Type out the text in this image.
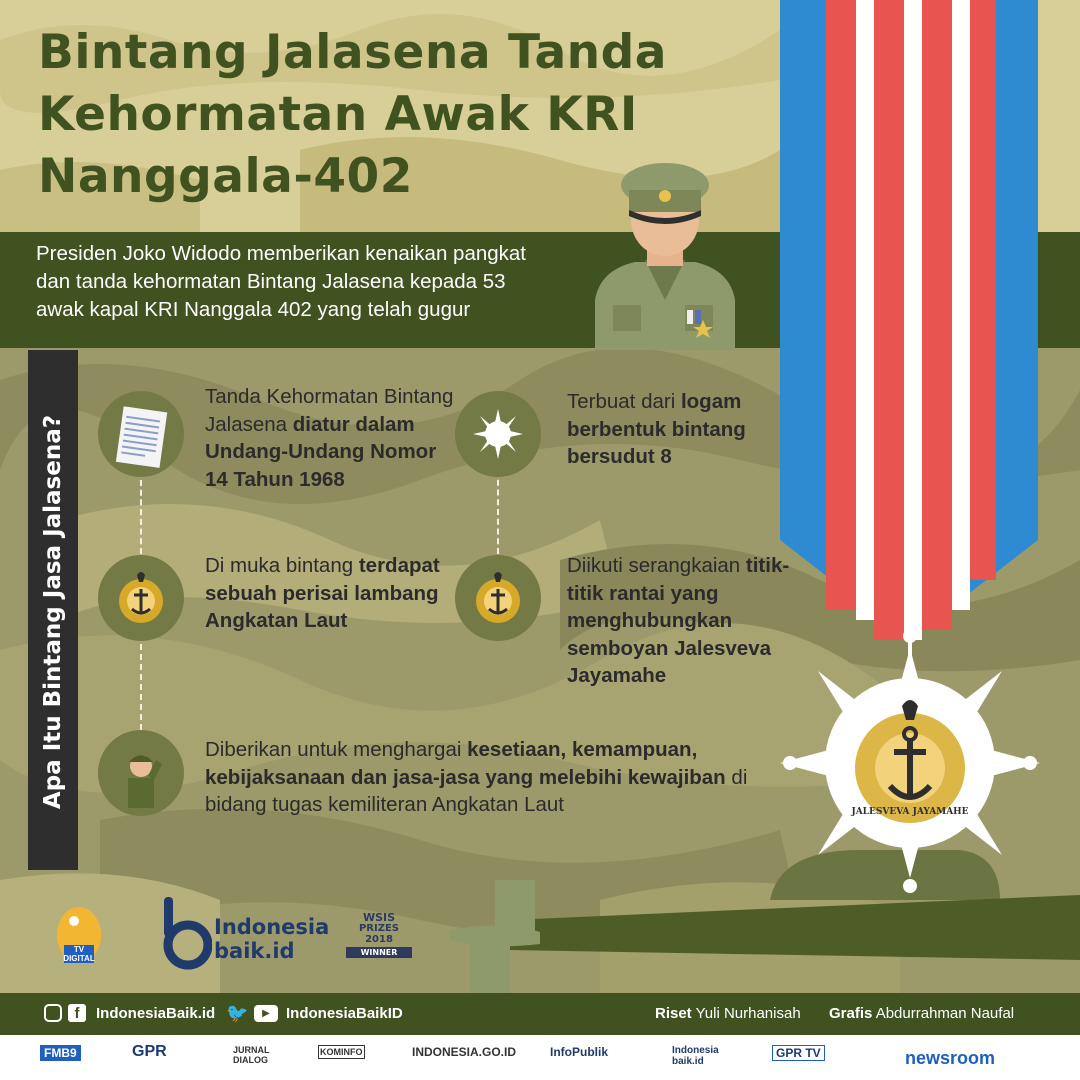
Bintang Jalasena Tanda
Kehormatan Awak KRI
Nanggala-402
Presiden Joko Widodo memberikan kenaikan pangkat
dan tanda kehormatan Bintang Jalasena kepada 53
awak kapal KRI Nanggala 402 yang telah gugur
JALESVEVA JAYAMAHE
Apa Itu Bintang Jasa Jalasena?
Tanda Kehormatan Bintang Jalasena diatur dalam Undang-Undang Nomor 14 Tahun 1968
Terbuat dari logam berbentuk bintang bersudut 8
Di muka bintang terdapat sebuah perisai lambang Angkatan Laut
Diikuti serangkaian titik-titik rantai yang menghubungkan semboyan Jalesveva Jayamahe
Diberikan untuk menghargai kesetiaan, kemampuan, kebijaksanaan dan jasa-jasa yang melebihi kewajiban di bidang tugas kemiliteran Angkatan Laut
TV DIGITAL
Indonesia
baik.id
WSIS
PRIZES
2018
WINNER
f	IndonesiaBaik.id 🐦	▶	IndonesiaBaikID	Riset Yuli Nurhanisah Grafis Abdurrahman Naufal
FMB9	GPR	JURNAL DIALOG
KOMINFO	INDONESIA.GO.ID	InfoPublik	Indonesia baik.id
GPR TV	newsroom
